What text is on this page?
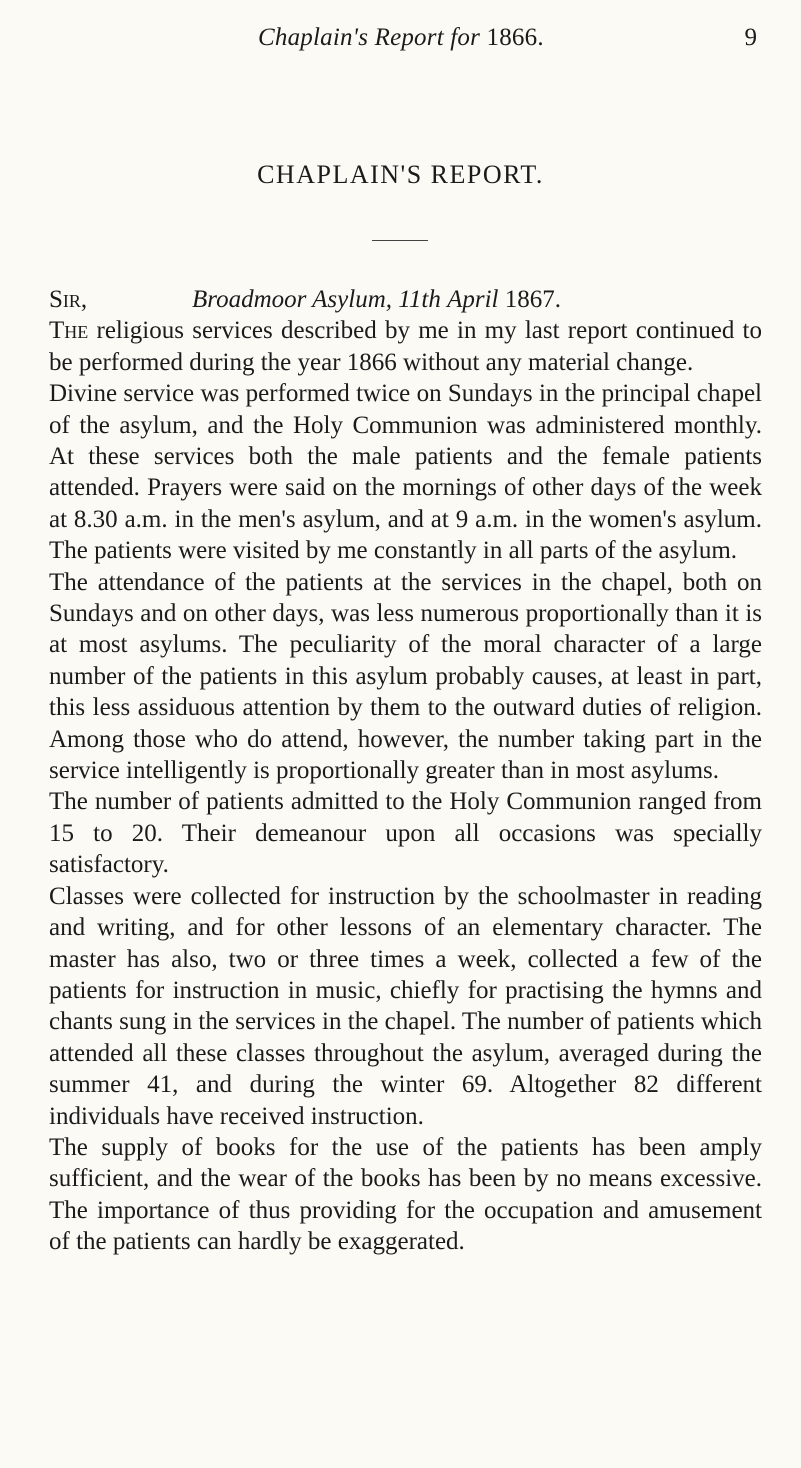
Chaplain's Report for 1866.	9
CHAPLAIN'S REPORT.
Sir,	Broadmoor Asylum, 11th April 1867.

The religious services described by me in my last report continued to be performed during the year 1866 without any material change.

Divine service was performed twice on Sundays in the principal chapel of the asylum, and the Holy Communion was administered monthly. At these services both the male patients and the female patients attended. Prayers were said on the mornings of other days of the week at 8.30 a.m. in the men's asylum, and at 9 a.m. in the women's asylum. The patients were visited by me constantly in all parts of the asylum.

The attendance of the patients at the services in the chapel, both on Sundays and on other days, was less numerous proportionally than it is at most asylums. The peculiarity of the moral character of a large number of the patients in this asylum probably causes, at least in part, this less assiduous attention by them to the outward duties of religion. Among those who do attend, however, the number taking part in the service intelligently is proportionally greater than in most asylums.

The number of patients admitted to the Holy Communion ranged from 15 to 20. Their demeanour upon all occasions was specially satisfactory.

Classes were collected for instruction by the schoolmaster in reading and writing, and for other lessons of an elementary character. The master has also, two or three times a week, collected a few of the patients for instruction in music, chiefly for practising the hymns and chants sung in the services in the chapel. The number of patients which attended all these classes throughout the asylum, averaged during the summer 41, and during the winter 69. Altogether 82 different individuals have received instruction.

The supply of books for the use of the patients has been amply sufficient, and the wear of the books has been by no means excessive. The importance of thus providing for the occupation and amusement of the patients can hardly be exaggerated.
